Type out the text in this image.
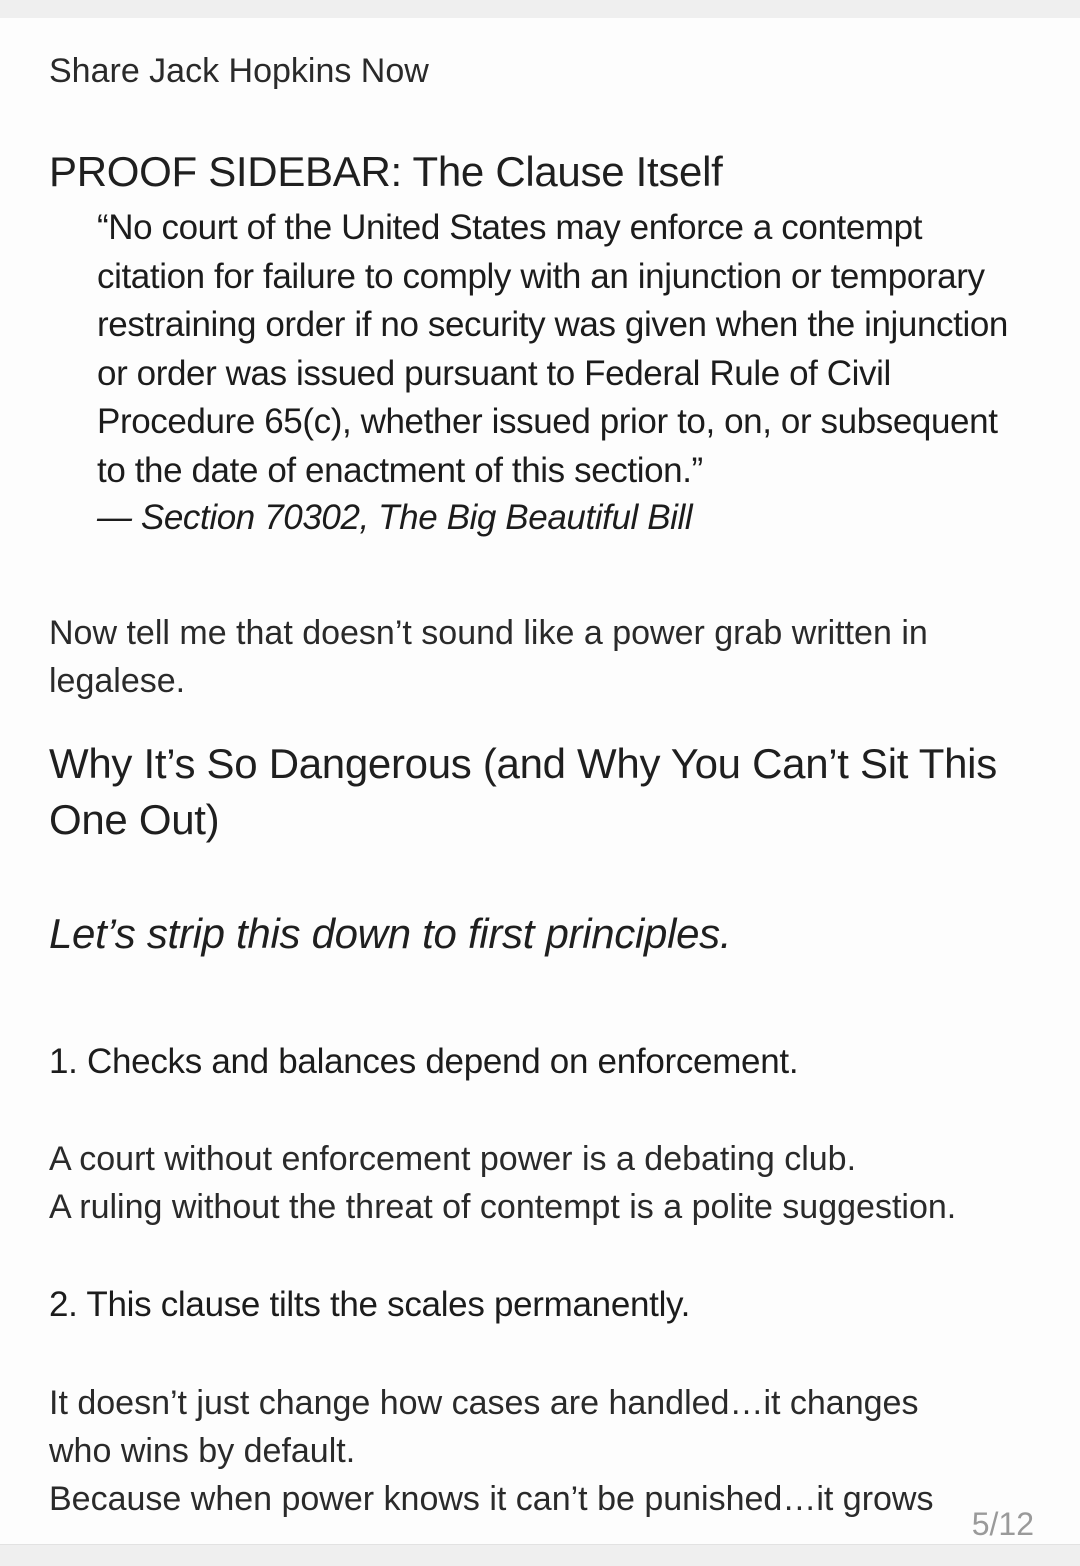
Share Jack Hopkins Now
PROOF SIDEBAR: The Clause Itself
“No court of the United States may enforce a contempt citation for failure to comply with an injunction or temporary restraining order if no security was given when the injunction or order was issued pursuant to Federal Rule of Civil Procedure 65(c), whether issued prior to, on, or subsequent to the date of enactment of this section.”
— Section 70302, The Big Beautiful Bill
Now tell me that doesn’t sound like a power grab written in legalese.
Why It’s So Dangerous (and Why You Can’t Sit This One Out)
Let’s strip this down to first principles.
1. Checks and balances depend on enforcement.
A court without enforcement power is a debating club.
A ruling without the threat of contempt is a polite suggestion.
2. This clause tilts the scales permanently.
It doesn’t just change how cases are handled…it changes who wins by default.
Because when power knows it can’t be punished…it grows
5/12
